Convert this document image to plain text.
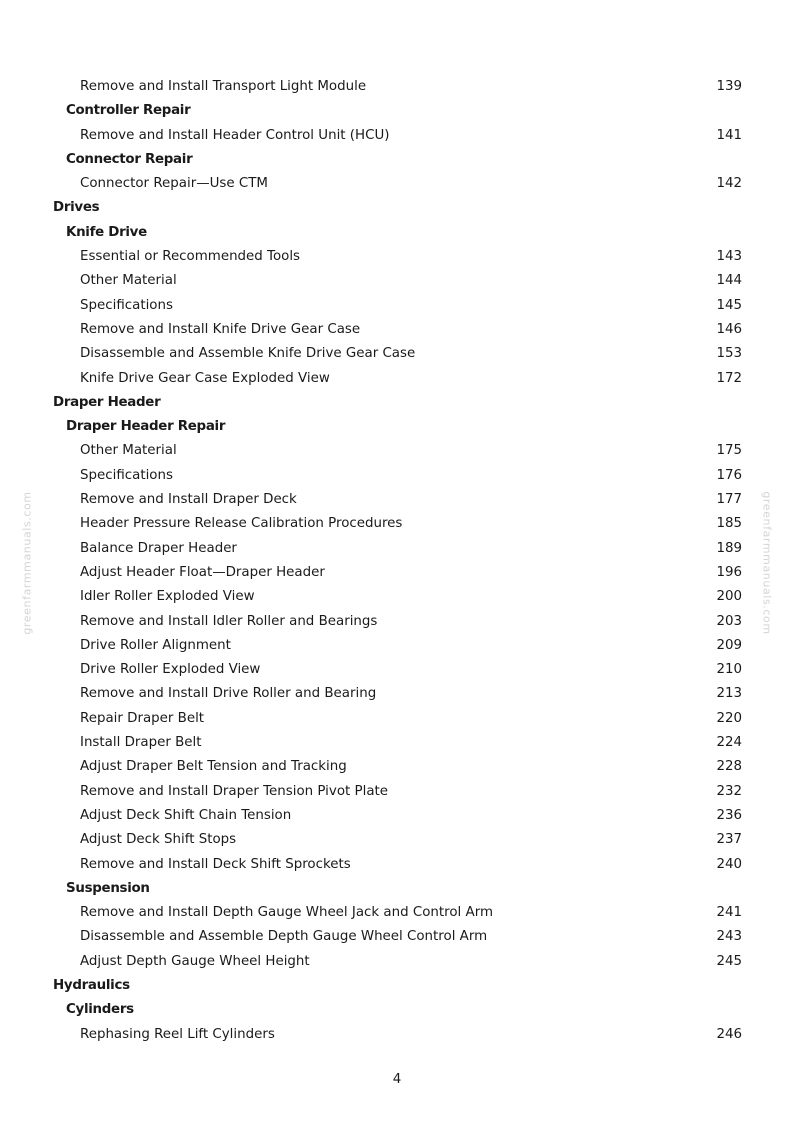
Remove and Install Transport Light Module	139
Controller Repair
Remove and Install Header Control Unit (HCU)	141
Connector Repair
Connector Repair—Use CTM	142
Drives
Knife Drive
Essential or Recommended Tools	143
Other Material	144
Specifications	145
Remove and Install Knife Drive Gear Case	146
Disassemble and Assemble Knife Drive Gear Case	153
Knife Drive Gear Case Exploded View	172
Draper Header
Draper Header Repair
Other Material	175
Specifications	176
Remove and Install Draper Deck	177
Header Pressure Release Calibration Procedures	185
Balance Draper Header	189
Adjust Header Float—Draper Header	196
Idler Roller Exploded View	200
Remove and Install Idler Roller and Bearings	203
Drive Roller Alignment	209
Drive Roller Exploded View	210
Remove and Install Drive Roller and Bearing	213
Repair Draper Belt	220
Install Draper Belt	224
Adjust Draper Belt Tension and Tracking	228
Remove and Install Draper Tension Pivot Plate	232
Adjust Deck Shift Chain Tension	236
Adjust Deck Shift Stops	237
Remove and Install Deck Shift Sprockets	240
Suspension
Remove and Install Depth Gauge Wheel Jack and Control Arm	241
Disassemble and Assemble Depth Gauge Wheel Control Arm	243
Adjust Depth Gauge Wheel Height	245
Hydraulics
Cylinders
Rephasing Reel Lift Cylinders	246
greenfarmmanuals.com	greenfarmmanuals.com
4
